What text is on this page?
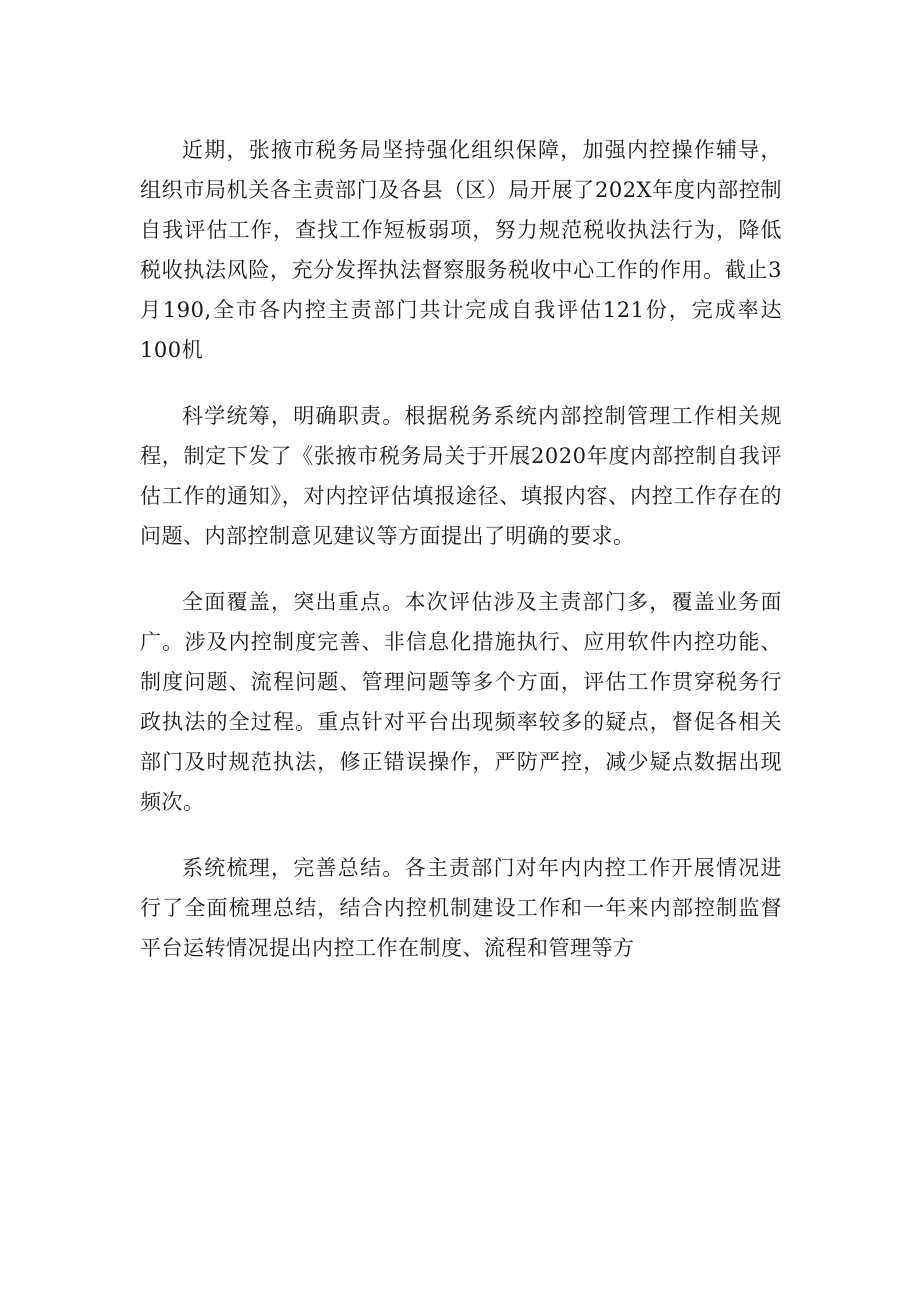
近期，张掖市税务局坚持强化组织保障，加强内控操作辅导，组织市局机关各主责部门及各县（区）局开展了202X年度内部控制自我评估工作，查找工作短板弱项，努力规范税收执法行为，降低税收执法风险，充分发挥执法督察服务税收中心工作的作用。截止3月190,全市各内控主责部门共计完成自我评估121份，完成率达100机

科学统筹，明确职责。根据税务系统内部控制管理工作相关规程，制定下发了《张掖市税务局关于开展2020年度内部控制自我评估工作的通知》，对内控评估填报途径、填报内容、内控工作存在的问题、内部控制意见建议等方面提出了明确的要求。

全面覆盖，突出重点。本次评估涉及主责部门多，覆盖业务面广。涉及内控制度完善、非信息化措施执行、应用软件内控功能、制度问题、流程问题、管理问题等多个方面，评估工作贯穿税务行政执法的全过程。重点针对平台出现频率较多的疑点，督促各相关部门及时规范执法，修正错误操作，严防严控，减少疑点数据出现频次。

系统梳理，完善总结。各主责部门对年内内控工作开展情况进行了全面梳理总结，结合内控机制建设工作和一年来内部控制监督平台运转情况提出内控工作在制度、流程和管理等方
